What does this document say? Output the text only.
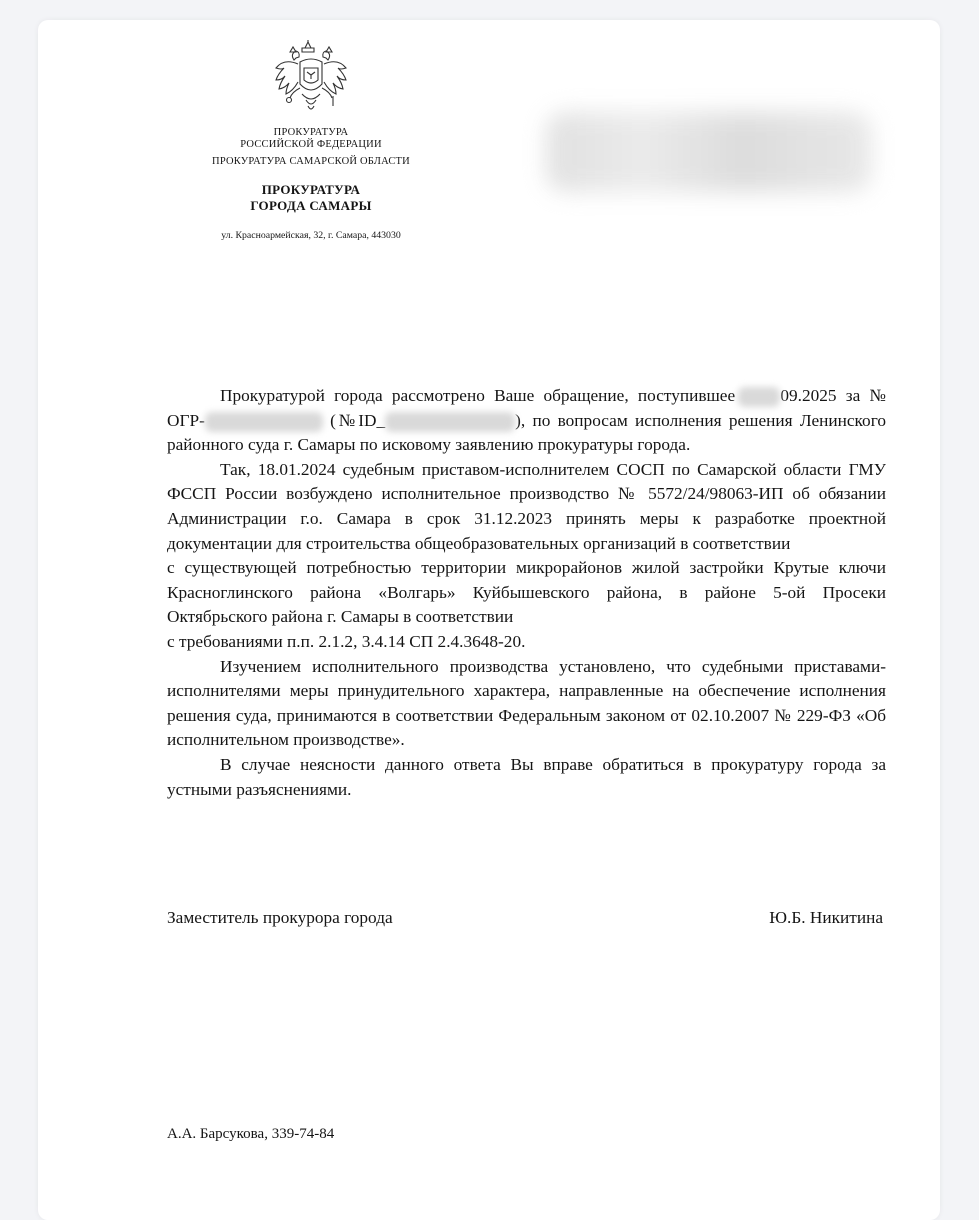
ПРОКУРАТУРА
РОССИЙСКОЙ ФЕДЕРАЦИИ
ПРОКУРАТУРА САМАРСКОЙ ОБЛАСТИ
ПРОКУРАТУРА
ГОРОДА САМАРЫ
ул. Красноармейская, 32, г. Самара, 443030

Прокуратурой города рассмотрено Ваше обращение, поступившее	09.2025 за № ОГР-	(№ID_	), по вопросам исполнения решения Ленинского районного суда г. Самары по исковому заявлению прокуратуры города.

Так, 18.01.2024 судебным приставом-исполнителем СОСП по Самарской области ГМУ ФССП России возбуждено исполнительное производство № 5572/24/98063-ИП об обязании Администрации г.о. Самара в срок 31.12.2023 принять меры к разработке проектной документации для строительства общеобразовательных организаций в соответствии

с существующей потребностью территории микрорайонов жилой застройки Крутые ключи Красноглинского района «Волгарь» Куйбышевского района, в районе 5-ой Просеки Октябрьского района г. Самары в соответствии

с требованиями п.п. 2.1.2, 3.4.14 СП 2.4.3648-20.

Изучением исполнительного производства установлено, что судебными приставами-исполнителями меры принудительного характера, направленные на обеспечение исполнения решения суда, принимаются в соответствии Федеральным законом от 02.10.2007 № 229-ФЗ «Об исполнительном производстве».

В случае неясности данного ответа Вы вправе обратиться в прокуратуру города за устными разъяснениями.

Заместитель прокурора города	Ю.Б. Никитина
А.А. Барсукова, 339-74-84
